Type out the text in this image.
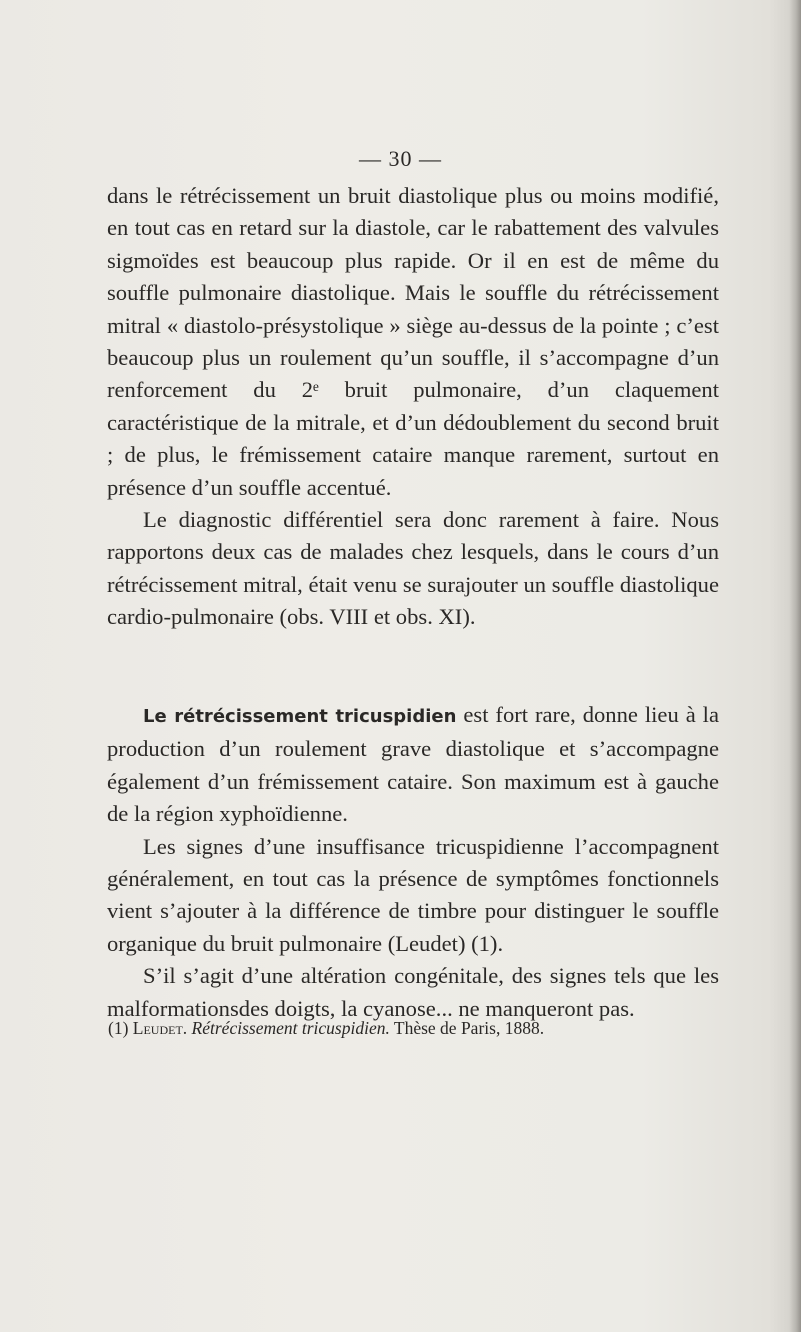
— 30 —

dans le rétrécissement un bruit diastolique plus ou moins modifié, en tout cas en retard sur la diastole, car le rabattement des valvules sigmoïdes est beaucoup plus rapide. Or il en est de même du souffle pulmonaire diastolique. Mais le souffle du rétrécissement mitral « diastolo-présystolique » siège au-dessus de la pointe ; c’est beaucoup plus un roulement qu’un souffle, il s’accompagne d’un renforcement du 2ᵉ bruit pulmonaire, d’un claquement caractéristique de la mitrale, et d’un dédoublement du second bruit ; de plus, le frémissement cataire manque rarement, surtout en présence d’un souffle accentué.

Le diagnostic différentiel sera donc rarement à faire. Nous rapportons deux cas de malades chez lesquels, dans le cours d’un rétrécissement mitral, était venu se surajouter un souffle diastolique cardio-pulmonaire (obs. VIII et obs. XI).

Le rétrécissement tricuspidien est fort rare, donne lieu à la production d’un roulement grave diastolique et s’accompagne également d’un frémissement cataire. Son maximum est à gauche de la région xyphoïdienne.

Les signes d’une insuffisance tricuspidienne l’accompagnent généralement, en tout cas la présence de symptômes fonctionnels vient s’ajouter à la différence de timbre pour distinguer le souffle organique du bruit pulmonaire (Leudet) (1).

S’il s’agit d’une altération congénitale, des signes tels que les malformationsdes doigts, la cyanose... ne manqueront pas.

(1) Leudet. Rétrécissement tricuspidien. Thèse de Paris, 1888.
